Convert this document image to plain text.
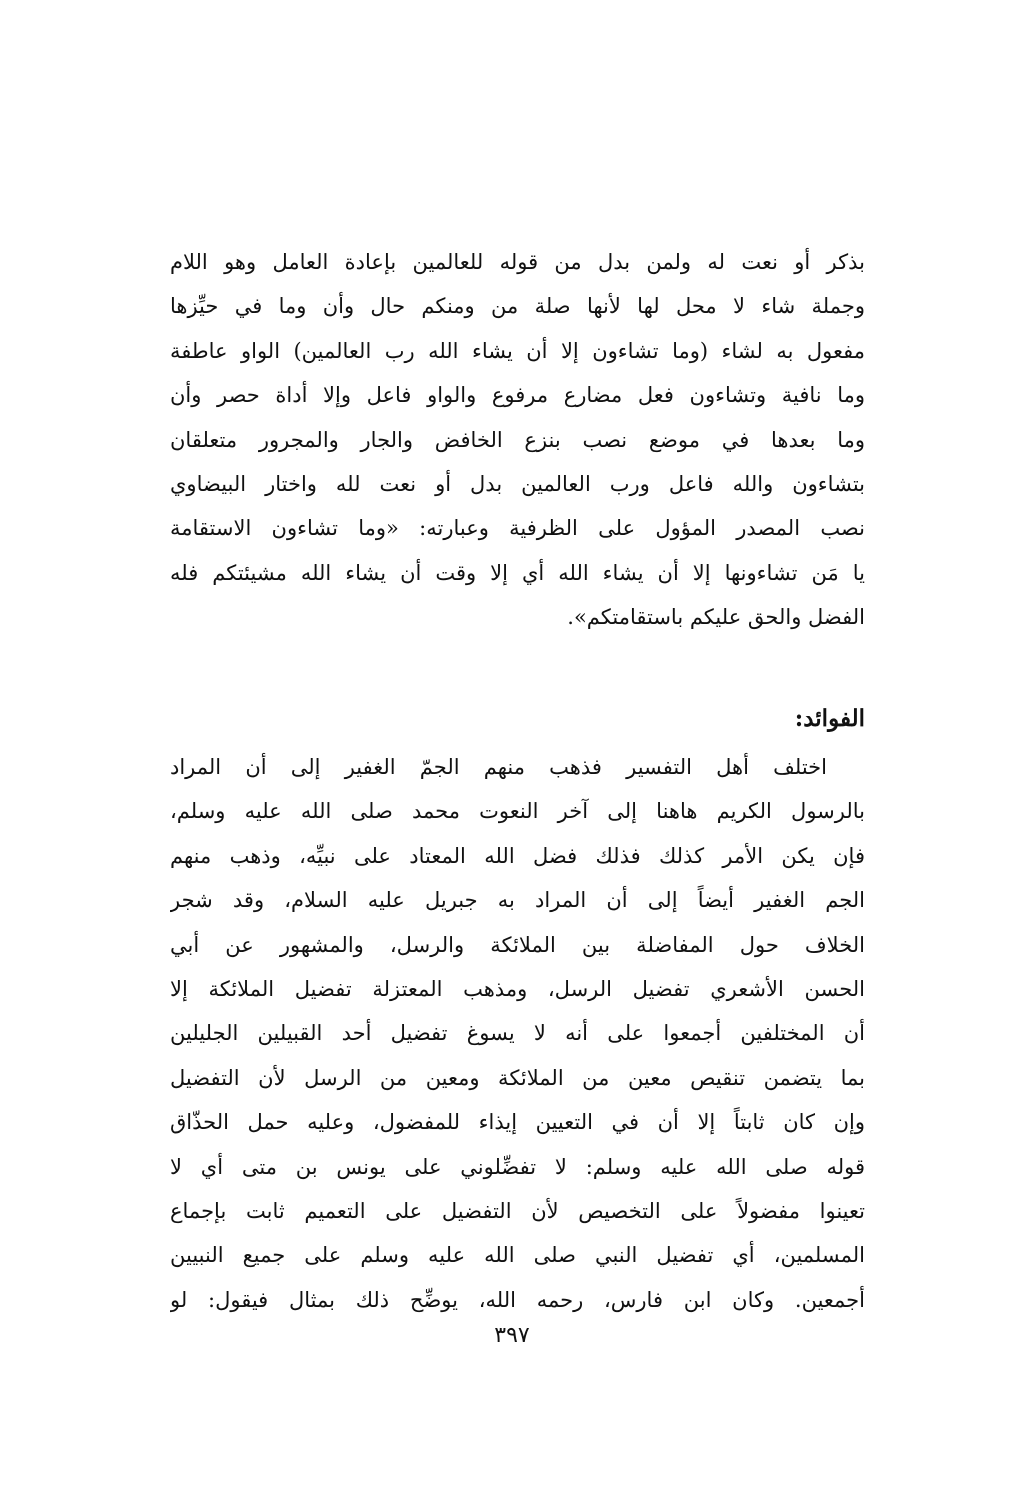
بذكر أو نعت له ولمن بدل من قوله للعالمين بإعادة العامل وهو اللام
وجملة شاء لا محل لها لأنها صلة من ومنكم حال وأن وما في حيِّزها
مفعول به لشاء (وما تشاءون إلا أن يشاء الله رب العالمين) الواو عاطفة
وما نافية وتشاءون فعل مضارع مرفوع والواو فاعل وإلا أداة حصر وأن
وما بعدها في موضع نصب بنزع الخافض والجار والمجرور متعلقان
بتشاءون والله فاعل ورب العالمين بدل أو نعت لله واختار البيضاوي
نصب المصدر المؤول على الظرفية وعبارته: «وما تشاءون الاستقامة
يا مَن تشاءونها إلا أن يشاء الله أي إلا وقت أن يشاء الله مشيئتكم فله
الفضل والحق عليكم باستقامتكم».
الفوائد:
اختلف أهل التفسير فذهب منهم الجمّ الغفير إلى أن المراد
بالرسول الكريم هاهنا إلى آخر النعوت محمد صلى الله عليه وسلم،
فإن يكن الأمر كذلك فذلك فضل الله المعتاد على نبيِّه، وذهب منهم
الجم الغفير أيضاً إلى أن المراد به جبريل عليه السلام، وقد شجر
الخلاف حول المفاضلة بين الملائكة والرسل، والمشهور عن أبي
الحسن الأشعري تفضيل الرسل، ومذهب المعتزلة تفضيل الملائكة إلا
أن المختلفين أجمعوا على أنه لا يسوغ تفضيل أحد القبيلين الجليلين
بما يتضمن تنقيص معين من الملائكة ومعين من الرسل لأن التفضيل
وإن كان ثابتاً إلا أن في التعيين إيذاء للمفضول، وعليه حمل الحذّاق
قوله صلى الله عليه وسلم: لا تفضِّلوني على يونس بن متى أي لا
تعينوا مفضولاً على التخصيص لأن التفضيل على التعميم ثابت بإجماع
المسلمين، أي تفضيل النبي صلى الله عليه وسلم على جميع النبيين
أجمعين. وكان ابن فارس، رحمه الله، يوضِّح ذلك بمثال فيقول: لو
٣٩٧
